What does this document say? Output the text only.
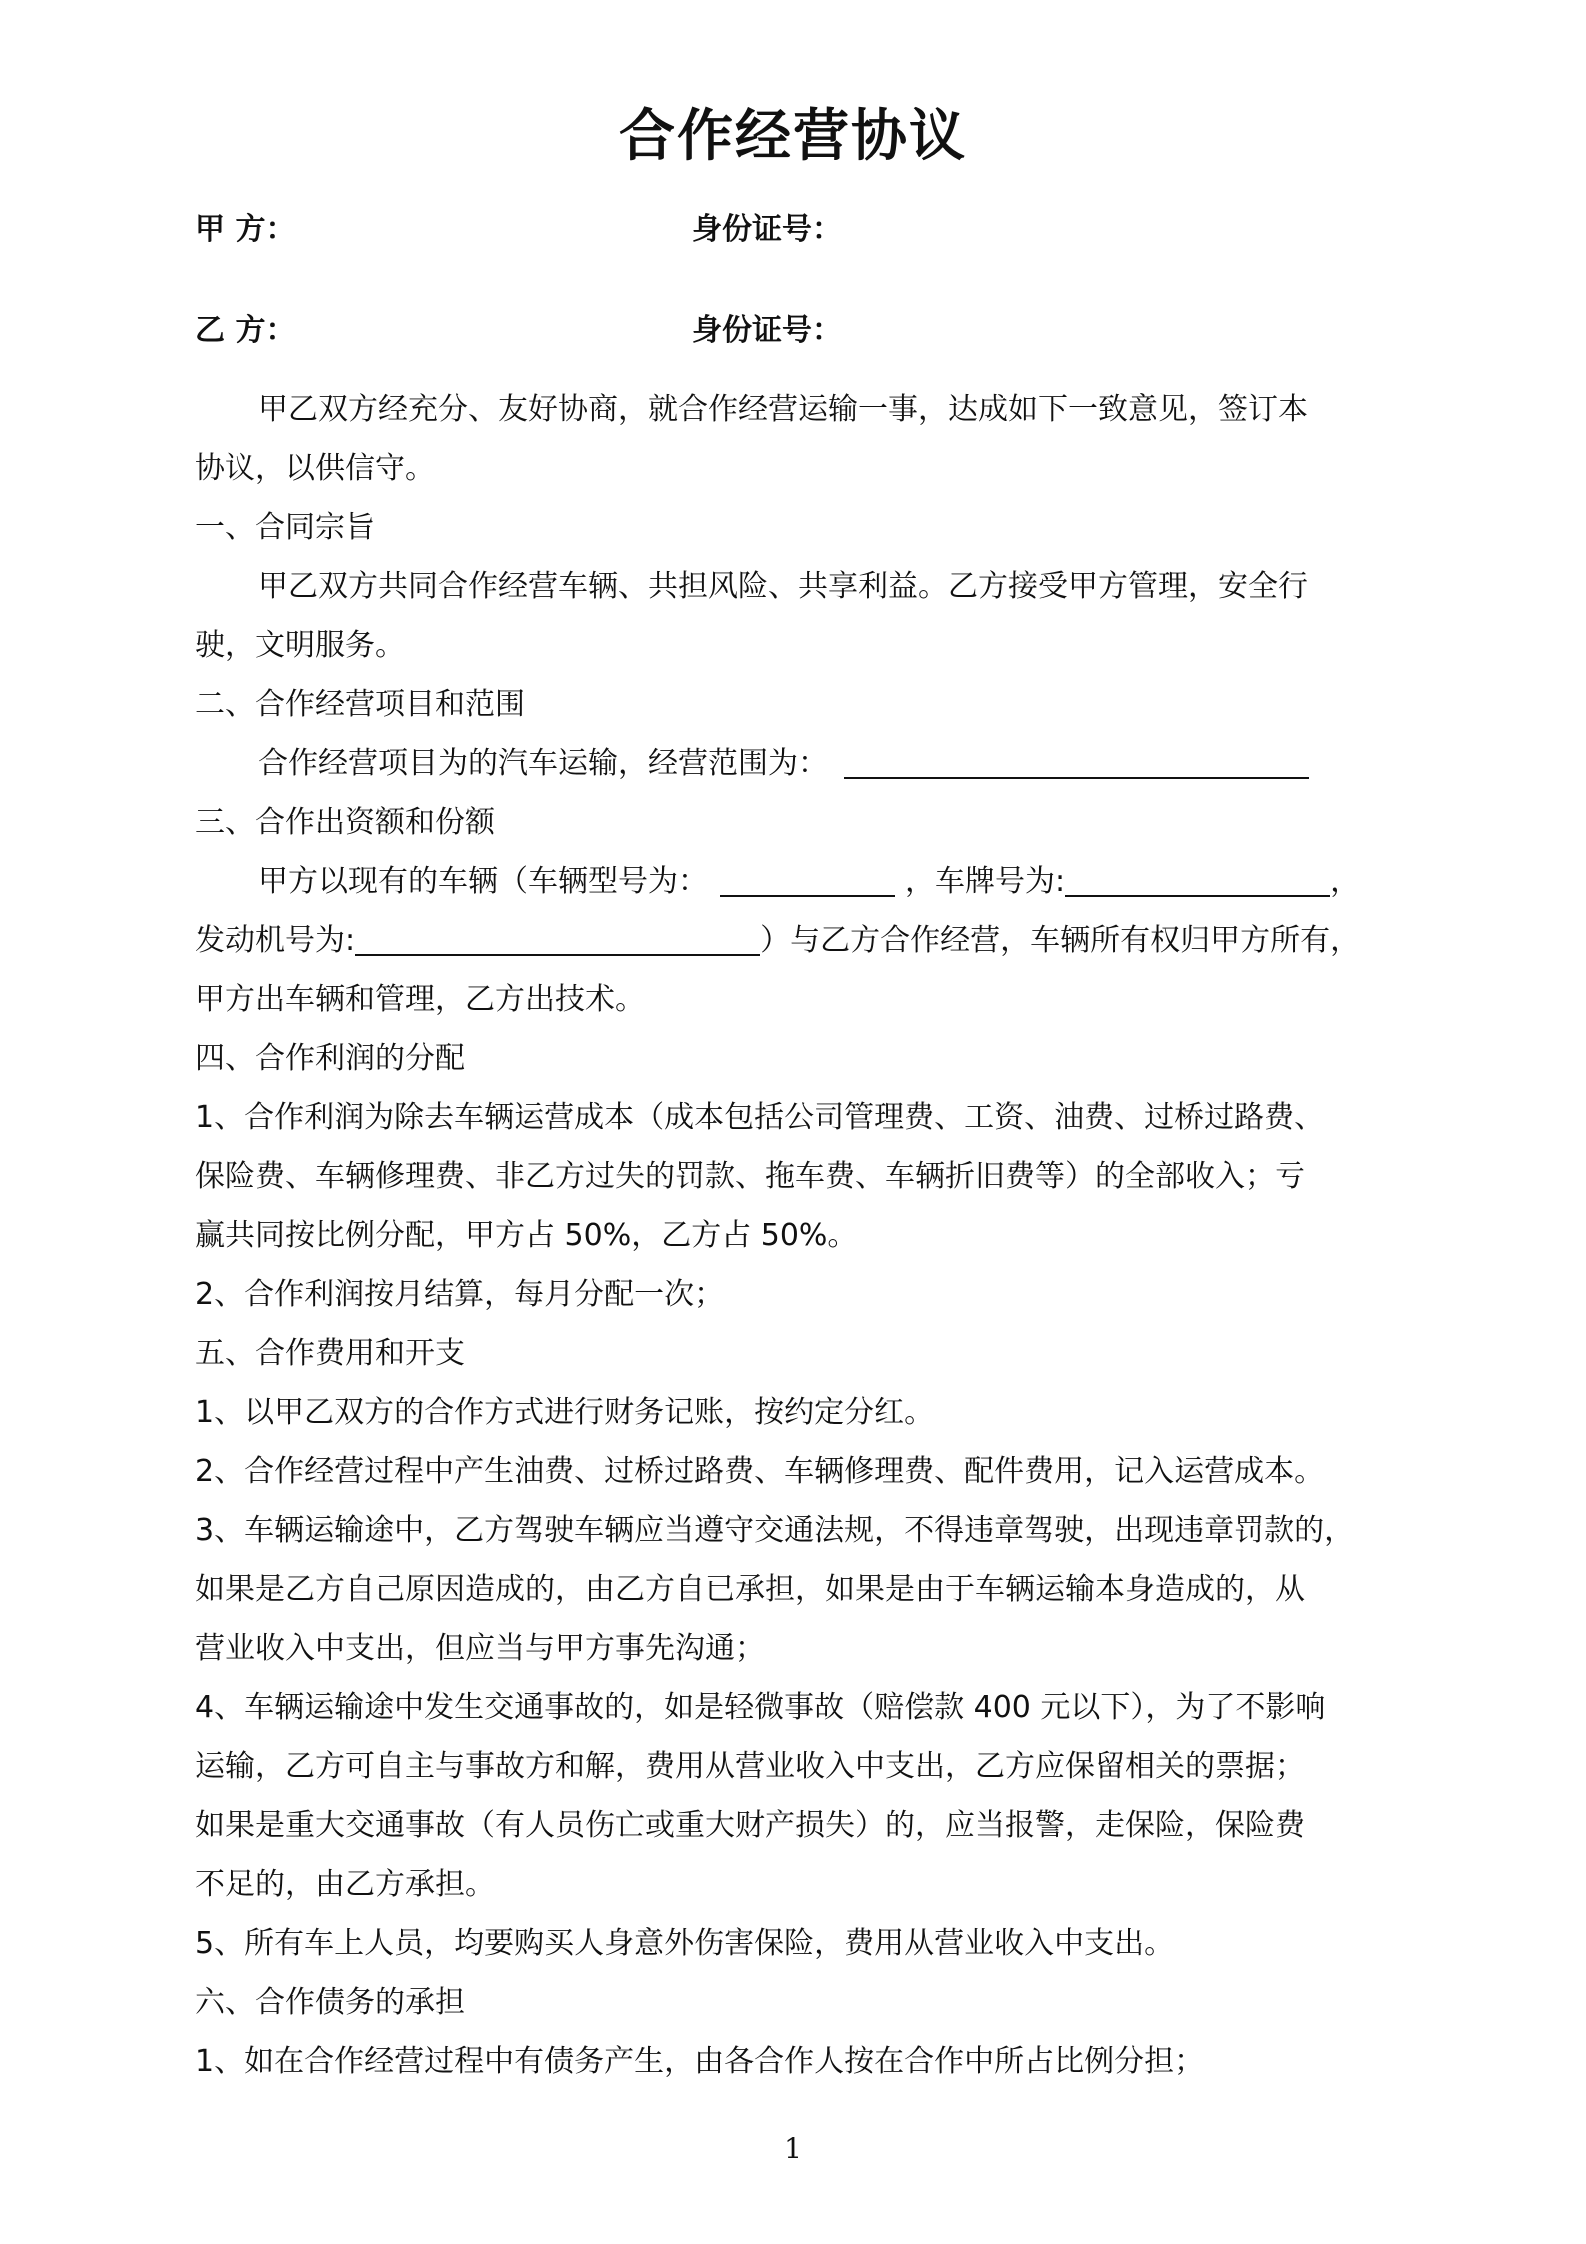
合作经营协议
甲 方：	身份证号：
乙 方：	身份证号：
甲乙双方经充分、友好协商，就合作经营运输一事，达成如下一致意见，签订本
协议，以供信守。
一、合同宗旨
甲乙双方共同合作经营车辆、共担风险、共享利益。乙方接受甲方管理，安全行
驶，文明服务。
二、合作经营项目和范围
合作经营项目为的汽车运输，经营范围为：
三、合作出资额和份额
甲方以现有的车辆（车辆型号为：	，车牌号为:	，
发动机号为:	）与乙方合作经营，车辆所有权归甲方所有，
甲方出车辆和管理，乙方出技术。
四、合作利润的分配
1、合作利润为除去车辆运营成本（成本包括公司管理费、工资、油费、过桥过路费、
保险费、车辆修理费、非乙方过失的罚款、拖车费、车辆折旧费等）的全部收入；亏
赢共同按比例分配，甲方占 50%，乙方占 50%。
2、合作利润按月结算，每月分配一次；
五、合作费用和开支
1、以甲乙双方的合作方式进行财务记账，按约定分红。
2、合作经营过程中产生油费、过桥过路费、车辆修理费、配件费用，记入运营成本。
3、车辆运输途中，乙方驾驶车辆应当遵守交通法规，不得违章驾驶，出现违章罚款的，
如果是乙方自己原因造成的，由乙方自已承担，如果是由于车辆运输本身造成的，从
营业收入中支出，但应当与甲方事先沟通；
4、车辆运输途中发生交通事故的，如是轻微事故（赔偿款 400 元以下），为了不影响
运输，乙方可自主与事故方和解，费用从营业收入中支出，乙方应保留相关的票据；
如果是重大交通事故（有人员伤亡或重大财产损失）的，应当报警，走保险，保险费
不足的，由乙方承担。
5、所有车上人员，均要购买人身意外伤害保险，费用从营业收入中支出。
六、合作债务的承担
1、如在合作经营过程中有债务产生，由各合作人按在合作中所占比例分担；
1
